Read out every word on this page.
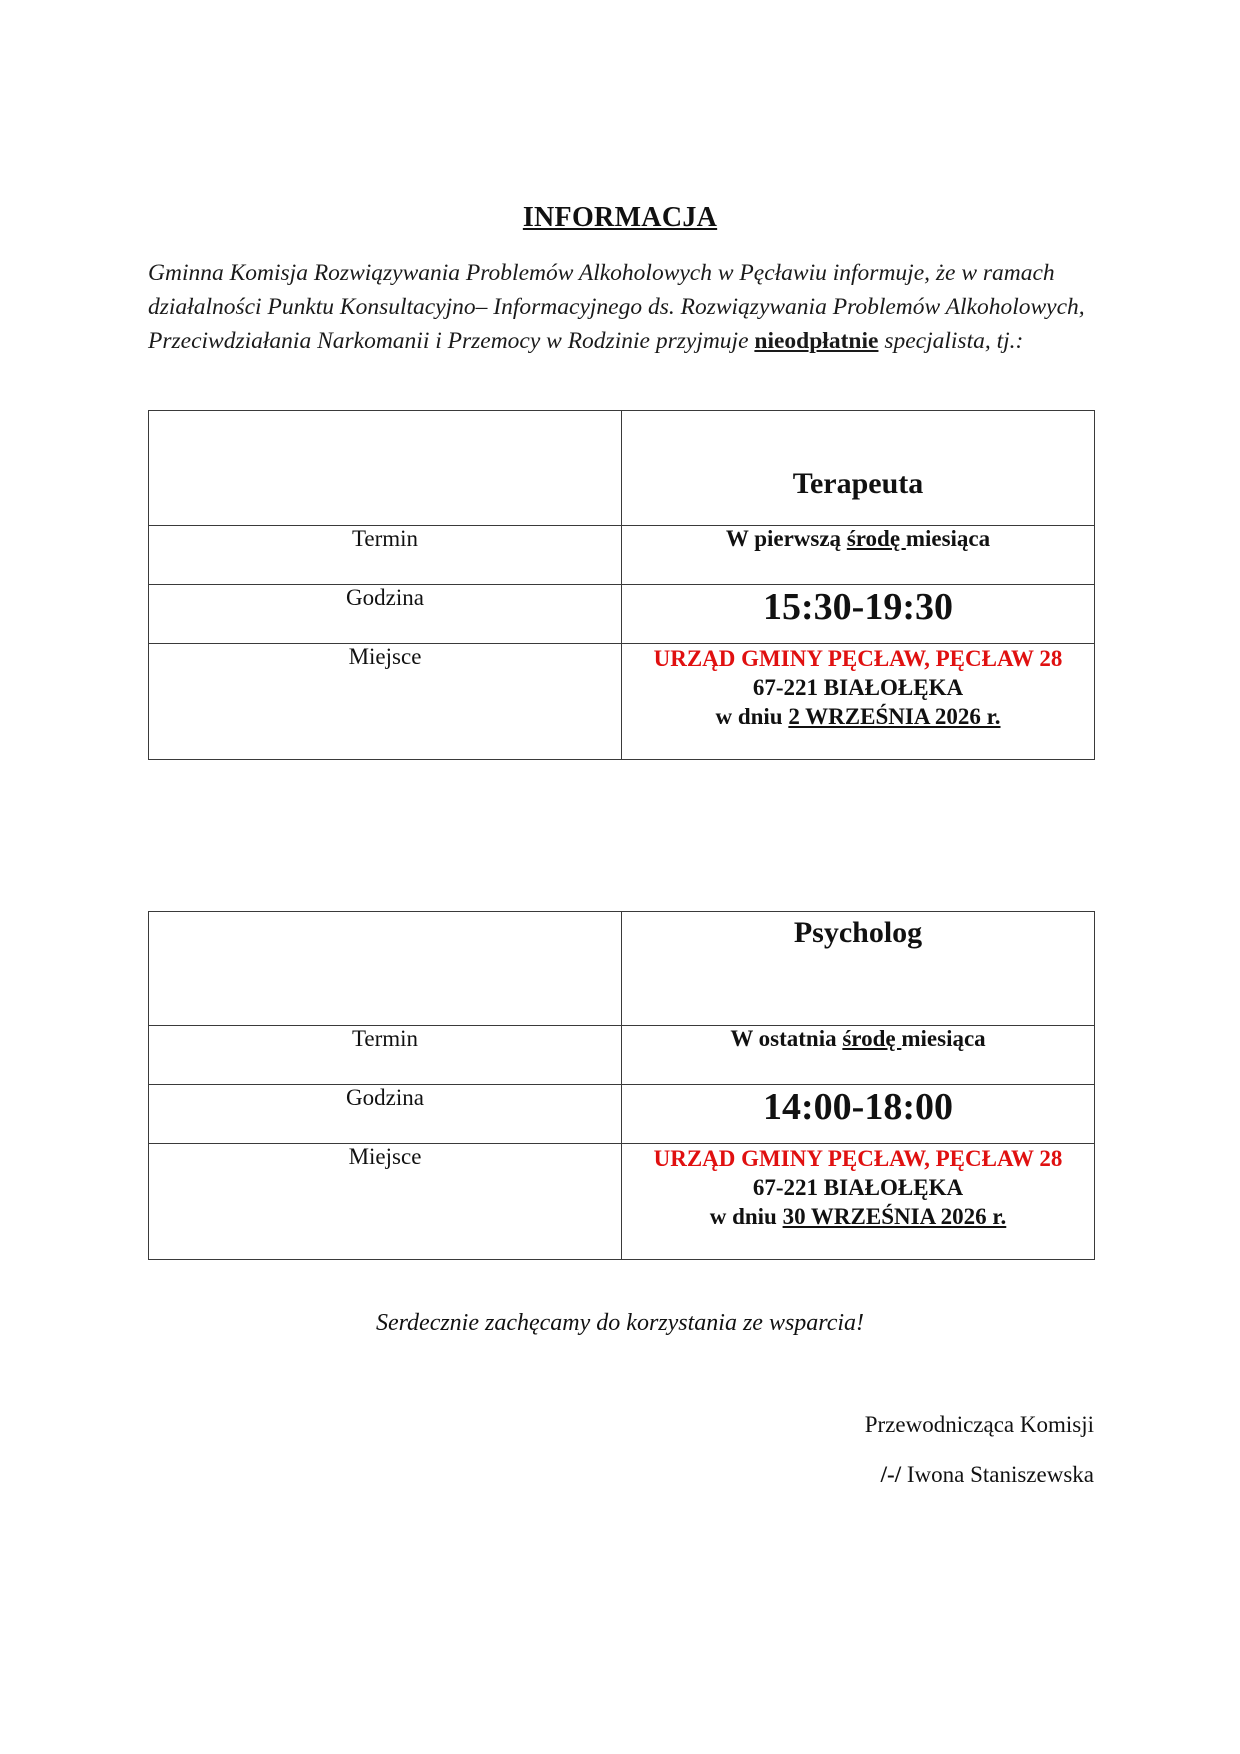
INFORMACJA
Gminna Komisja Rozwiązywania Problemów Alkoholowych w Pęcławiu informuje, że w ramach działalności Punktu Konsultacyjno– Informacyjnego ds. Rozwiązywania Problemów Alkoholowych, Przeciwdziałania Narkomanii i Przemocy w Rodzinie przyjmuje nieodpłatnie specjalista, tj.:
	Terapeuta
Termin	W pierwszą środę miesiąca
Godzina	15:30-19:30
Miejsce	URZĄD GMINY PĘCŁAW, PĘCŁAW 28
67-221 BIAŁOŁĘKA
w dniu 2 WRZEŚNIA 2026 r.
	Psycholog
Termin	W ostatnia środę miesiąca
Godzina	14:00-18:00
Miejsce	URZĄD GMINY PĘCŁAW, PĘCŁAW 28
67-221 BIAŁOŁĘKA
w dniu 30 WRZEŚNIA 2026 r.
Serdecznie zachęcamy do korzystania ze wsparcia!
Przewodnicząca Komisji
/-/ Iwona Staniszewska
